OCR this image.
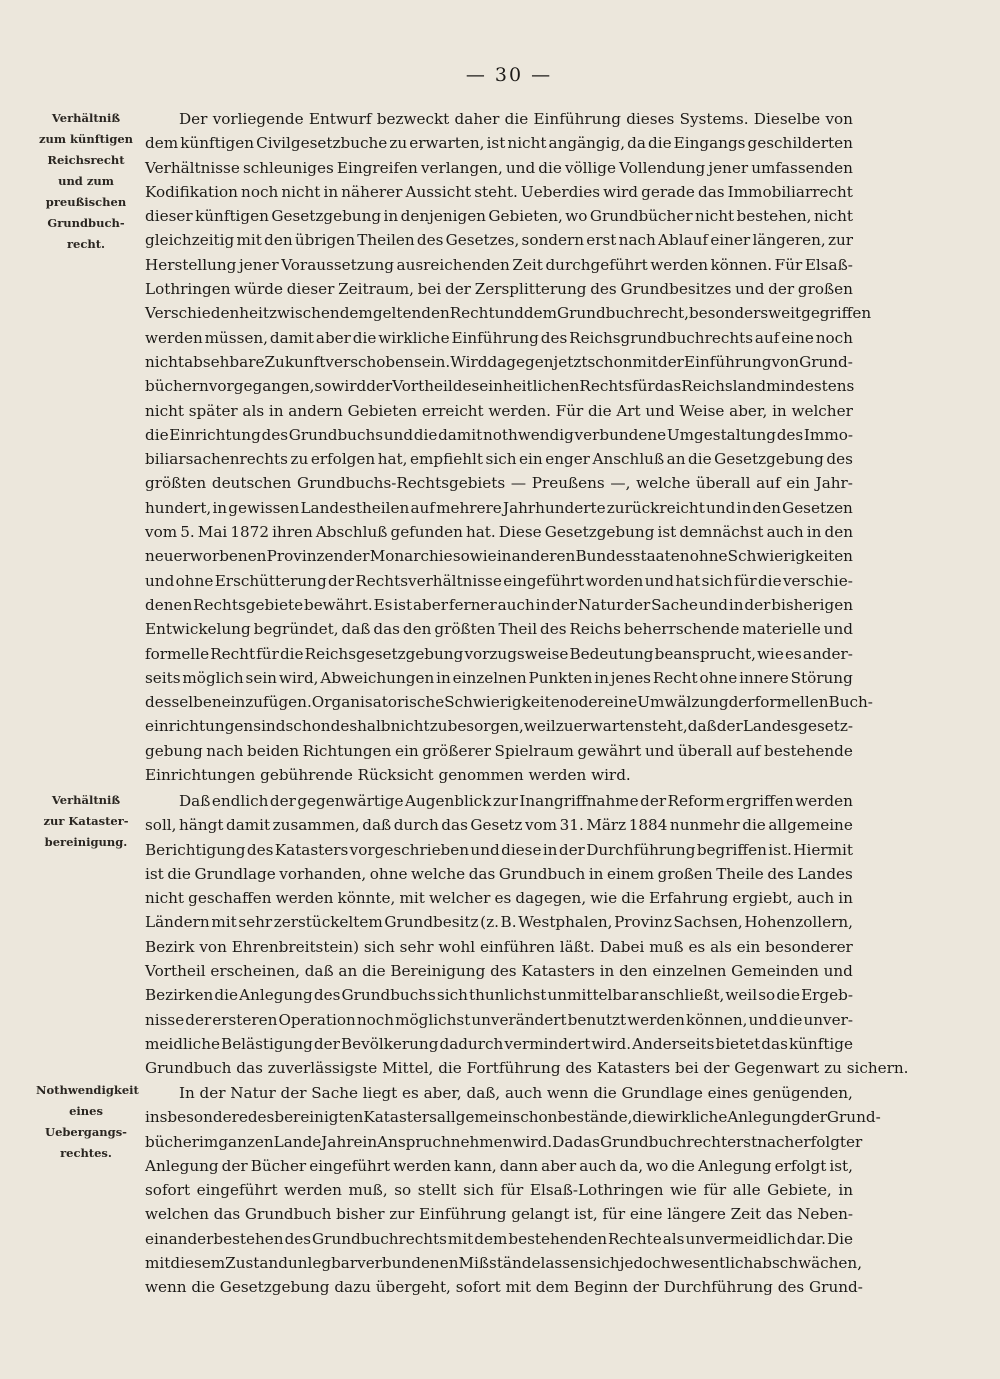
— 30 —
Verhältniß
zum künftigen
Reichsrecht
und zum
preußischen
Grundbuch-
recht.
Verhältniß
zur Kataster-
bereinigung.
Nothwendigkeit
eines
Uebergangs-
rechtes.
Der vorliegende Entwurf bezweckt daher die Einführung dieses Systems. Dieselbe von
dem künftigen Civilgesetzbuche zu erwarten, ist nicht angängig, da die Eingangs geschilderten
Verhältnisse schleuniges Eingreifen verlangen, und die völlige Vollendung jener umfassenden
Kodifikation noch nicht in näherer Aussicht steht. Ueberdies wird gerade das Immobiliarrecht
dieser künftigen Gesetzgebung in denjenigen Gebieten, wo Grundbücher nicht bestehen, nicht
gleichzeitig mit den übrigen Theilen des Gesetzes, sondern erst nach Ablauf einer längeren, zur
Herstellung jener Voraussetzung ausreichenden Zeit durchgeführt werden können. Für Elsaß-
Lothringen würde dieser Zeitraum, bei der Zersplitterung des Grundbesitzes und der großen
Verschiedenheit zwischen dem geltenden Recht und dem Grundbuchrecht, besonders weit gegriffen
werden müssen, damit aber die wirkliche Einführung des Reichsgrundbuchrechts auf eine noch
nicht absehbare Zukunft verschoben sein. Wird dagegen jetzt schon mit der Einführung von Grund-
büchern vorgegangen, so wird der Vortheil des einheitlichen Rechts für das Reichsland mindestens
nicht später als in andern Gebieten erreicht werden. Für die Art und Weise aber, in welcher
die Einrichtung des Grundbuchs und die damit nothwendig verbundene Umgestaltung des Immo-
biliarsachenrechts zu erfolgen hat, empfiehlt sich ein enger Anschluß an die Gesetzgebung des
größten deutschen Grundbuchs-Rechtsgebiets — Preußens —, welche überall auf ein Jahr-
hundert, in gewissen Landestheilen auf mehrere Jahrhunderte zurückreicht und in den Gesetzen
vom 5. Mai 1872 ihren Abschluß gefunden hat. Diese Gesetzgebung ist demnächst auch in den
neuerworbenen Provinzen der Monarchie sowie in anderen Bundesstaaten ohne Schwierigkeiten
und ohne Erschütterung der Rechtsverhältnisse eingeführt worden und hat sich für die verschie-
denen Rechtsgebiete bewährt. Es ist aber ferner auch in der Natur der Sache und in der bisherigen
Entwickelung begründet, daß das den größten Theil des Reichs beherrschende materielle und
formelle Recht für die Reichsgesetzgebung vorzugsweise Bedeutung beansprucht, wie es ander-
seits möglich sein wird, Abweichungen in einzelnen Punkten in jenes Recht ohne innere Störung
desselben einzufügen. Organisatorische Schwierigkeiten oder eine Umwälzung der formellen Buch-
einrichtungen sind schon deshalb nicht zu besorgen, weil zu erwarten steht, daß der Landesgesetz-
gebung nach beiden Richtungen ein größerer Spielraum gewährt und überall auf bestehende
Einrichtungen gebührende Rücksicht genommen werden wird.
Daß endlich der gegenwärtige Augenblick zur Inangriffnahme der Reform ergriffen werden
soll, hängt damit zusammen, daß durch das Gesetz vom 31. März 1884 nunmehr die allgemeine
Berichtigung des Katasters vorgeschrieben und diese in der Durchführung begriffen ist. Hiermit
ist die Grundlage vorhanden, ohne welche das Grundbuch in einem großen Theile des Landes
nicht geschaffen werden könnte, mit welcher es dagegen, wie die Erfahrung ergiebt, auch in
Ländern mit sehr zerstückeltem Grundbesitz (z. B. Westphalen, Provinz Sachsen, Hohenzollern,
Bezirk von Ehrenbreitstein) sich sehr wohl einführen läßt. Dabei muß es als ein besonderer
Vortheil erscheinen, daß an die Bereinigung des Katasters in den einzelnen Gemeinden und
Bezirken die Anlegung des Grundbuchs sich thunlichst unmittelbar anschließt, weil so die Ergeb-
nisse der ersteren Operation noch möglichst unverändert benutzt werden können, und die unver-
meidliche Belästigung der Bevölkerung dadurch vermindert wird. Anderseits bietet das künftige
Grundbuch das zuverlässigste Mittel, die Fortführung des Katasters bei der Gegenwart zu sichern.
In der Natur der Sache liegt es aber, daß, auch wenn die Grundlage eines genügenden,
insbesondere des bereinigten Katasters allgemein schon bestände, die wirkliche Anlegung der Grund-
bücher im ganzen Lande Jahre in Anspruch nehmen wird. Da das Grundbuchrecht erst nach erfolgter
Anlegung der Bücher eingeführt werden kann, dann aber auch da, wo die Anlegung erfolgt ist,
sofort eingeführt werden muß, so stellt sich für Elsaß-Lothringen wie für alle Gebiete, in
welchen das Grundbuch bisher zur Einführung gelangt ist, für eine längere Zeit das Neben-
einanderbestehen des Grundbuchrechts mit dem bestehenden Rechte als unvermeidlich dar. Die
mit diesem Zustand unlegbar verbundenen Mißstände lassen sich jedoch wesentlich abschwächen,
wenn die Gesetzgebung dazu übergeht, sofort mit dem Beginn der Durchführung des Grund-
